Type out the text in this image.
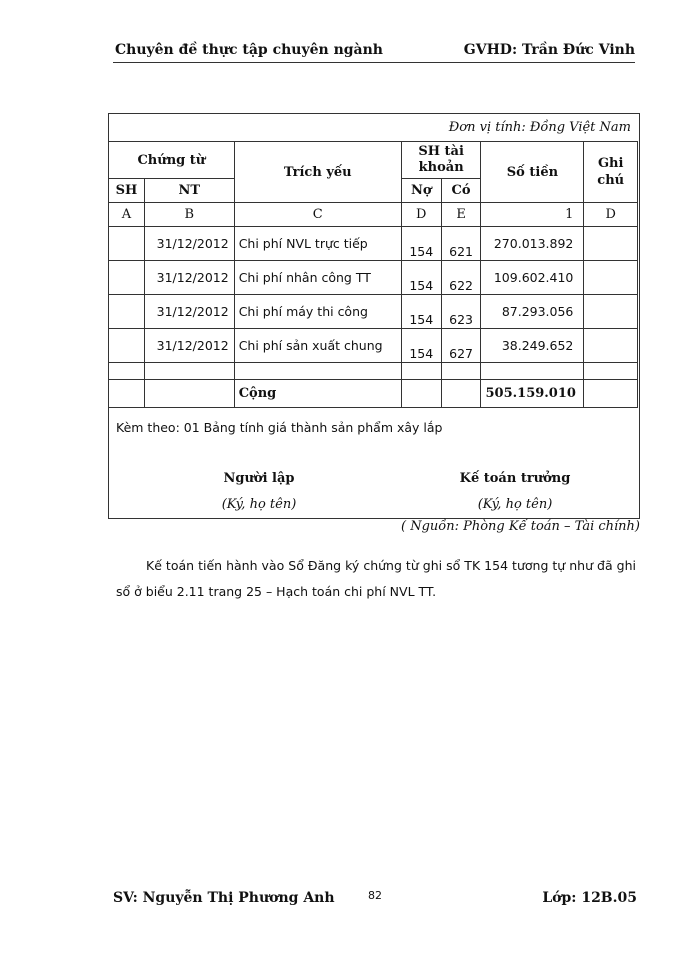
Chuyên đề thực tập chuyên ngành	GVHD: Trần Đức Vinh
Đơn vị tính: Đồng Việt Nam
Chứng từ		Trích yếu	SH tài khoản		Số tiền	Ghi chú
SH	NT		Nợ	Có		
A	B	C	D	E	1	D
	31/12/2012	Chi phí NVL trực tiếp	154	621	270.013.892	
	31/12/2012	Chi phí nhân công TT	154	622	109.602.410	
	31/12/2012	Chi phí máy thi công	154	623	87.293.056	
	31/12/2012	Chi phí sản xuất chung	154	627	38.249.652	

		Cộng			505.159.010	
Kèm theo: 01 Bảng tính giá thành sản phẩm xây lắp
Người lập
(Ký, họ tên)
Kế toán trưởng
(Ký, họ tên)
( Nguồn: Phòng Kế toán – Tài chính)
Kế toán tiến hành vào Sổ Đăng ký chứng từ ghi sổ TK 154 tương tự như đã ghi sổ ở biểu 2.11 trang 25 – Hạch toán chi phí NVL TT.
SV: Nguyễn Thị Phương Anh	82	Lớp: 12B.05
